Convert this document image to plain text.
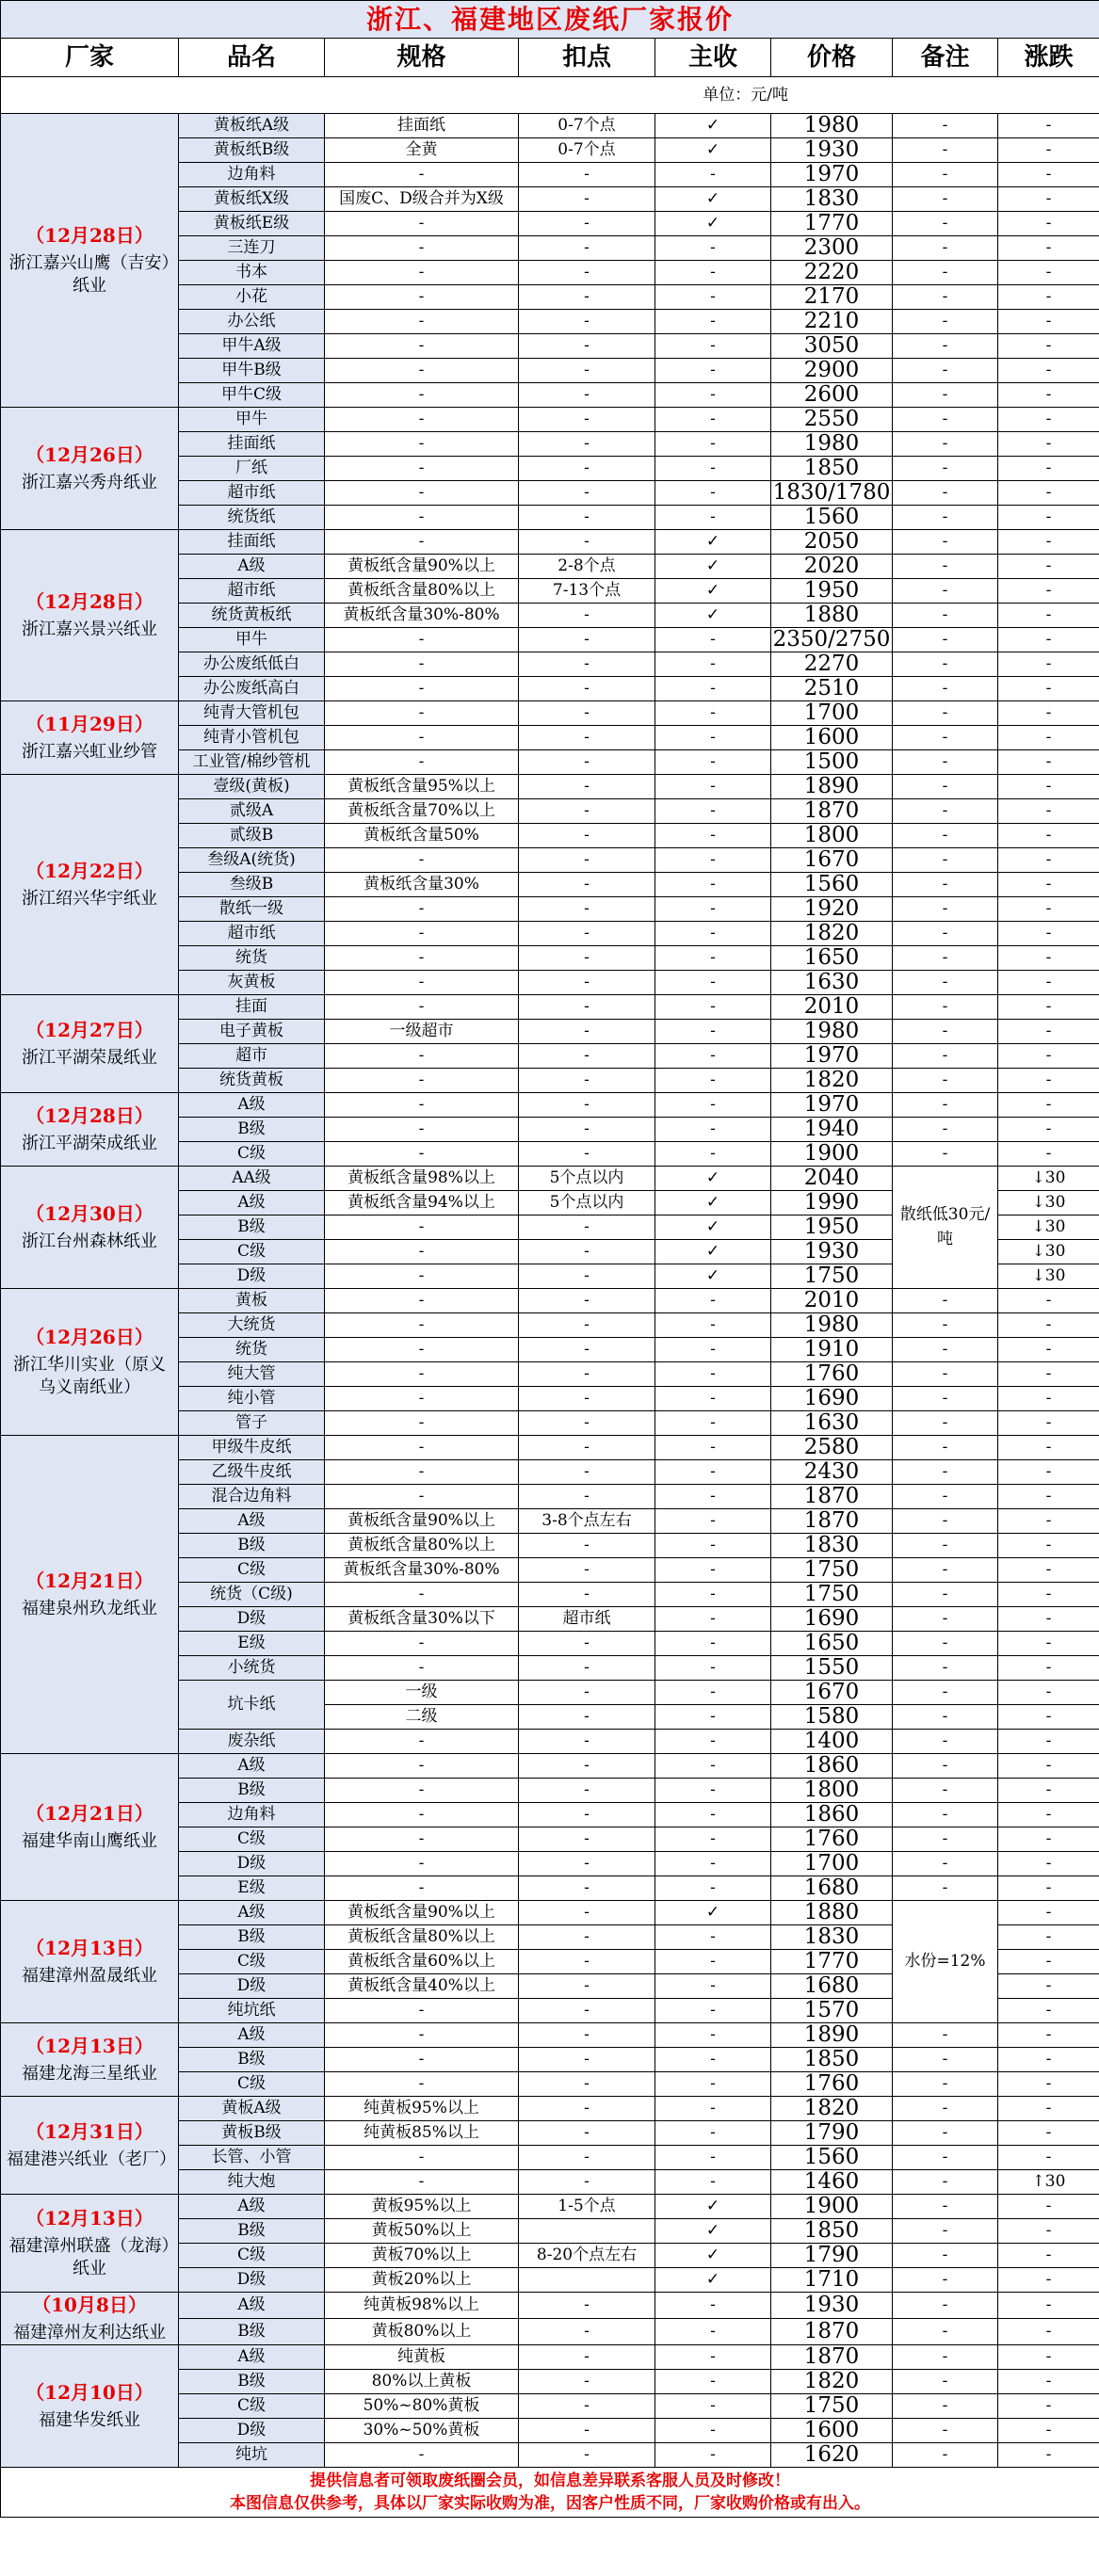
浙江、福建地区废纸厂家报价							
厂家	品名	规格	扣点	主收	价格	备注	涨跌
单位：元/吨							

（12月28日）
浙江嘉兴山鹰（吉安）纸业	黄板纸A级	挂面纸	0-7个点	✓	1980	-	-
	黄板纸B级	全黄	0-7个点	✓	1930	-	-
	边角料	-	-	-	1970	-	-
	黄板纸X级	国废C、D级合并为X级	-	✓	1830	-	-
	黄板纸E级	-	-	✓	1770	-	-
	三连刀	-	-	-	2300	-	-
	书本	-	-	-	2220	-	-
	小花	-	-	-	2170	-	-
	办公纸	-	-	-	2210	-	-
	甲牛A级	-	-	-	3050	-	-
	甲牛B级	-	-	-	2900	-	-
	甲牛C级	-	-	-	2600	-	-

（12月26日）
浙江嘉兴秀舟纸业	甲牛	-	-	-	2550	-	-
	挂面纸	-	-	-	1980	-	-
	厂纸	-	-	-	1850	-	-
	超市纸	-	-	-	1830/1780	-	-
	统货纸	-	-	-	1560	-	-

（12月28日）
浙江嘉兴景兴纸业	挂面纸	-	-	✓	2050	-	-
	A级	黄板纸含量90%以上	2-8个点	✓	2020	-	-
	超市纸	黄板纸含量80%以上	7-13个点	✓	1950	-	-
	统货黄板纸	黄板纸含量30%-80%	-	✓	1880	-	-
	甲牛	-	-	-	2350/2750	-	-
	办公废纸低白	-	-	-	2270	-	-
	办公废纸高白	-	-	-	2510	-	-

（11月29日）
浙江嘉兴虹业纱管	纯青大管机包	-	-	-	1700	-	-
	纯青小管机包	-	-	-	1600	-	-
	工业管/棉纱管机	-	-	-	1500	-	-

（12月22日）
浙江绍兴华宇纸业	壹级(黄板)	黄板纸含量95%以上	-	-	1890	-	-
	贰级A	黄板纸含量70%以上	-	-	1870	-	-
	贰级B	黄板纸含量50%	-	-	1800	-	-
	叁级A(统货)	-	-	-	1670	-	-
	叁级B	黄板纸含量30%	-	-	1560	-	-
	散纸一级	-	-	-	1920	-	-
	超市纸	-	-	-	1820	-	-
	统货	-	-	-	1650	-	-
	灰黄板	-	-	-	1630	-	-

（12月27日）
浙江平湖荣晟纸业	挂面	-	-	-	2010	-	-
	电子黄板	一级超市	-	-	1980	-	-
	超市	-	-	-	1970	-	-
	统货黄板	-	-	-	1820	-	-

（12月28日）
浙江平湖荣成纸业	A级	-	-	-	1970	-	-
	B级	-	-	-	1940	-	-
	C级	-	-	-	1900	-	-

（12月30日）
浙江台州森林纸业	AA级	黄板纸含量98%以上	5个点以内	✓	2040	散纸低30元/吨	↓30
	A级	黄板纸含量94%以上	5个点以内	✓	1990		↓30
	B级	-	-	✓	1950		↓30
	C级	-	-	✓	1930		↓30
	D级	-	-	✓	1750		↓30

（12月26日）
浙江华川实业（原义乌义南纸业）	黄板	-	-	-	2010	-	-
	大统货	-	-	-	1980	-	-
	统货	-	-	-	1910	-	-
	纯大管	-	-	-	1760	-	-
	纯小管	-	-	-	1690	-	-
	管子	-	-	-	1630	-	-

（12月21日）
福建泉州玖龙纸业	甲级牛皮纸	-	-	-	2580	-	-
	乙级牛皮纸	-	-	-	2430	-	-
	混合边角料	-	-	-	1870	-	-
	A级	黄板纸含量90%以上	3-8个点左右	-	1870	-	-
	B级	黄板纸含量80%以上	-	-	1830	-	-
	C级	黄板纸含量30%-80%	-	-	1750	-	-
	统货（C级)	-	-	-	1750	-	-
	D级	黄板纸含量30%以下	超市纸	-	1690	-	-
	E级	-	-	-	1650	-	-
	小统货	-	-	-	1550	-	-
	坑卡纸	一级	-	-	1670	-	-
		二级	-	-	1580	-	-
	废杂纸	-	-	-	1400	-	-

（12月21日）
福建华南山鹰纸业	A级	-	-	-	1860	-	-
	B级	-	-	-	1800	-	-
	边角料	-	-	-	1860	-	-
	C级	-	-	-	1760	-	-
	D级	-	-	-	1700	-	-
	E级	-	-	-	1680	-	-

（12月13日）
福建漳州盈晟纸业	A级	黄板纸含量90%以上	-	✓	1880	水份=12%	-
	B级	黄板纸含量80%以上	-	-	1830		-
	C级	黄板纸含量60%以上	-	-	1770		-
	D级	黄板纸含量40%以上	-	-	1680		-
	纯坑纸	-	-	-	1570		-

（12月13日）
福建龙海三星纸业	A级	-	-	-	1890	-	-
	B级	-	-	-	1850	-	-
	C级	-	-	-	1760	-	-

（12月31日）
福建港兴纸业（老厂）	黄板A级	纯黄板95%以上	-	-	1820	-	-
	黄板B级	纯黄板85%以上	-	-	1790	-	-
	长管、小管	-	-	-	1560	-	-
	纯大炮	-	-	-	1460	-	↑30

（12月13日）
福建漳州联盛（龙海）纸业	A级	黄板95%以上	1-5个点	✓	1900	-	-
	B级	黄板50%以上		✓	1850	-	-
	C级	黄板70%以上	8-20个点左右	✓	1790	-	-
	D级	黄板20%以上		✓	1710	-	-

（10月8日）
福建漳州友利达纸业	A级	纯黄板98%以上	-	-	1930	-	-
	B级	黄板80%以上	-	-	1870	-	-

（12月10日）
福建华发纸业	A级	纯黄板	-	-	1870	-	-
	B级	80%以上黄板	-	-	1820	-	-
	C级	50%~80%黄板	-	-	1750	-	-
	D级	30%~50%黄板	-	-	1600	-	-
	纯坑	-	-	-	1620	-	-
提供信息者可领取废纸圈会员，如信息差异联系客服人员及时修改！
本图信息仅供参考，具体以厂家实际收购为准，因客户性质不同，厂家收购价格或有出入。							
